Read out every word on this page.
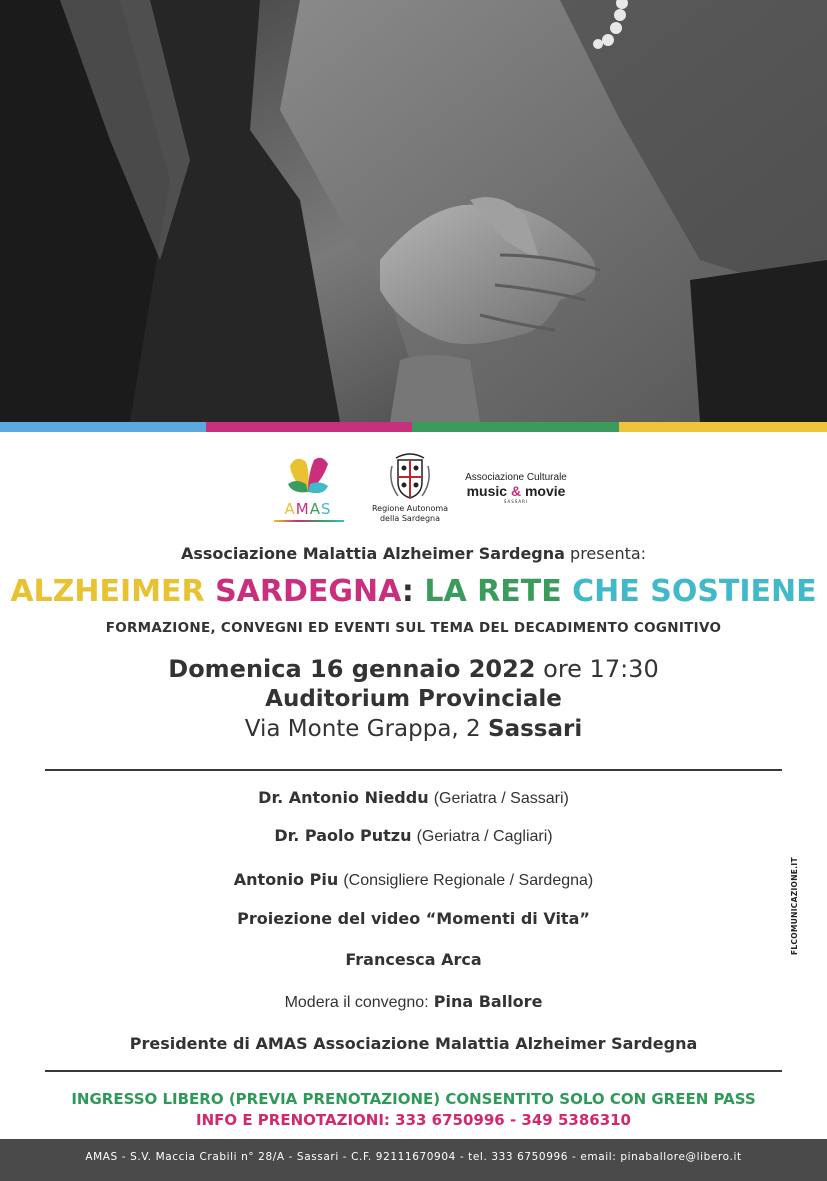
AMAS	Regione Autonoma
della Sardegna
Associazione Culturale
music & movie
SASSARI
Associazione Malattia Alzheimer Sardegna presenta:
ALZHEIMER SARDEGNA: LA RETE CHE SOSTIENE
FORMAZIONE, CONVEGNI ED EVENTI SUL TEMA DEL DECADIMENTO COGNITIVO
Domenica 16 gennaio 2022 ore 17:30
Auditorium Provinciale
Via Monte Grappa, 2 Sassari
Dr. Antonio Nieddu (Geriatra / Sassari)
Dr. Paolo Putzu (Geriatra / Cagliari)
Antonio Piu (Consigliere Regionale / Sardegna)
Proiezione del video “Momenti di Vita”
Francesca Arca
Modera il convegno: Pina Ballore
Presidente di AMAS Associazione Malattia Alzheimer Sardegna
INGRESSO LIBERO (PREVIA PRENOTAZIONE) CONSENTITO SOLO CON GREEN PASS
INFO E PRENOTAZIONI: 333 6750996 - 349 5386310
AMAS - S.V. Maccia Crabili n° 28/A - Sassari - C.F. 92111670904 - tel. 333 6750996 - email: pinaballore@libero.it
FLCOMUNICAZIONE.IT
